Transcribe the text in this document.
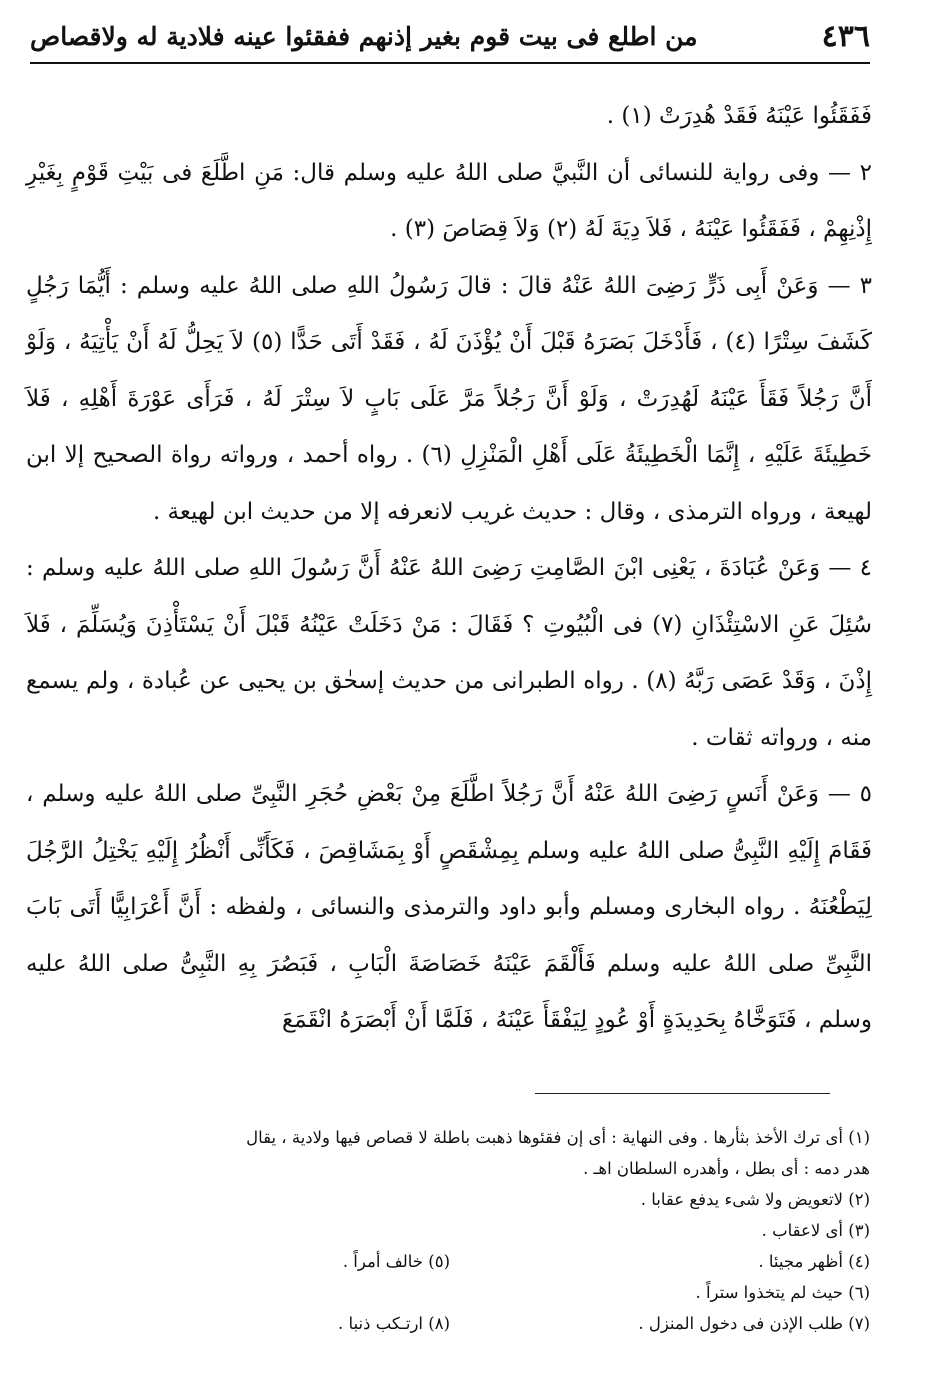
٤٣٦
من اطلع فى بيت قوم بغير إذنهم ففقئوا عينه فلادية له ولاقصاص

فَفَقَئُوا عَيْنَهُ فَقَدْ هُدِرَتْ (١) .

٢ — وفى رواية للنسائى أن النَّبيَّ صلى اللهُ عليه وسلم قال: مَنِ اطَّلَعَ فى بَيْتِ قَوْمٍ بِغَيْرِ إِذْنِهِمْ ، فَفَقَئُوا عَيْنَهُ ، فَلاَ دِيَةَ لَهُ (٢) وَلاَ قِصَاصَ (٣) .

٣ — وَعَنْ أَبِى ذَرٍّ رَضِىَ اللهُ عَنْهُ قالَ : قالَ رَسُولُ اللهِ صلى اللهُ عليه وسلم : أَيُّمَا رَجُلٍ كَشَفَ سِتْرًا (٤) ، فَأَدْخَلَ بَصَرَهُ قَبْلَ أَنْ يُؤْذَنَ لَهُ ، فَقَدْ أَتَى حَدًّا (٥) لاَ يَحِلُّ لَهُ أَنْ يَأْتِيَهُ ، وَلَوْ أَنَّ رَجُلاً فَقَأَ عَيْنَهُ لَهُدِرَتْ ، وَلَوْ أَنَّ رَجُلاً مَرَّ عَلَى بَابٍ لاَ سِتْرَ لَهُ ، فَرَأَى عَوْرَةَ أَهْلِهِ ، فَلاَ خَطِيئَةَ عَلَيْهِ ، إِنَّمَا الْخَطِيئَةُ عَلَى أَهْلِ الْمَنْزِلِ (٦) . رواه أحمد ، ورواته رواة الصحيح إلا ابن لهيعة ، ورواه الترمذى ، وقال : حديث غريب لانعرفه إلا من حديث ابن لهيعة .

٤ — وَعَنْ عُبَادَةَ ، يَعْنِى ابْنَ الصَّامِتِ رَضِىَ اللهُ عَنْهُ أَنَّ رَسُولَ اللهِ صلى اللهُ عليه وسلم : سُئِلَ عَنِ الاسْتِئْذَانِ (٧) فى الْبُيُوتِ ؟ فَقَالَ : مَنْ دَخَلَتْ عَيْنُهُ قَبْلَ أَنْ يَسْتَأْذِنَ وَيُسَلِّمَ ، فَلاَ إِذْنَ ، وَقَدْ عَصَى رَبَّهُ (٨) . رواه الطبرانى من حديث إسحٰق بن يحيى عن عُبادة ، ولم يسمع منه ، ورواته ثقات .

٥ — وَعَنْ أَنَسٍ رَضِىَ اللهُ عَنْهُ أَنَّ رَجُلاً اطَّلَعَ مِنْ بَعْضِ حُجَرِ النَّبِىِّ صلى اللهُ عليه وسلم ، فَقَامَ إِلَيْهِ النَّبِىُّ صلى اللهُ عليه وسلم بِمِشْقَصٍ أَوْ بِمَشَاقِصَ ، فَكَأَنِّى أَنْظُرُ إِلَيْهِ يَخْتِلُ الرَّجُلَ لِيَطْعُنَهُ . رواه البخارى ومسلم وأبو داود والترمذى والنسائى ، ولفظه : أَنَّ أَعْرَابِيًّا أَتَى بَابَ النَّبِىِّ صلى اللهُ عليه وسلم فَأَلْقَمَ عَيْنَهُ خَصَاصَةَ الْبَابِ ، فَبَصُرَ بِهِ النَّبِىُّ صلى اللهُ عليه وسلم ، فَتَوَخَّاهُ بِحَدِيدَةٍ أَوْ عُودٍ لِيَفْقَأَ عَيْنَهُ ، فَلَمَّا أَنْ أَبْصَرَهُ انْقَمَعَ

(١) أى ترك الأخذ بثأرها . وفى النهاية : أى إن فقئوها ذهبت باطلة لا قصاص فيها ولادية ، يقال
هدر دمه : أى بطل ، وأهدره السلطان اهـ .
(٢) لاتعويض ولا شىء يدفع عقابا .
(٣) أى لاعقاب .
(٤) أظهر مجيئا .
(٥) خالف أمراً .
(٦) حيث لم يتخذوا ستراً .
(٧) طلب الإذن فى دخول المنزل .
(٨) ارتـكب ذنبا .
